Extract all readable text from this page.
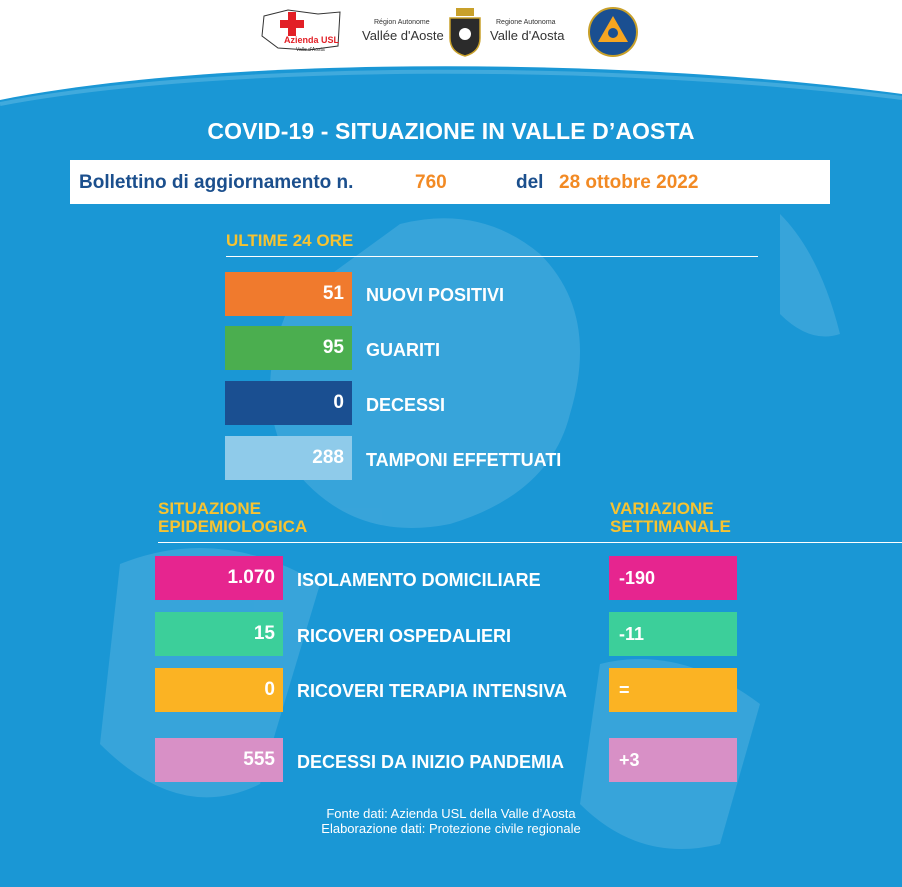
Azienda USL
Valle d'Aosta
Région Autonome
Vallée d'Aoste
Regione Autonoma
Valle d'Aosta
COVID-19 - SITUAZIONE IN VALLE D’AOSTA
Bollettino di aggiornamento n.	760	del 28 ottobre 2022
ULTIME 24 ORE
51	NUOVI POSITIVI
95	GUARITI
0	DECESSI
288	TAMPONI EFFETTUATI
SITUAZIONE
EPIDEMIOLOGICA
VARIAZIONE
SETTIMANALE
1.070	ISOLAMENTO DOMICILIARE	-190
15	RICOVERI OSPEDALIERI	-11
0	RICOVERI TERAPIA INTENSIVA	=
555	DECESSI DA INIZIO PANDEMIA	+3
Fonte dati: Azienda USL della Valle d’Aosta
Elaborazione dati: Protezione civile regionale
